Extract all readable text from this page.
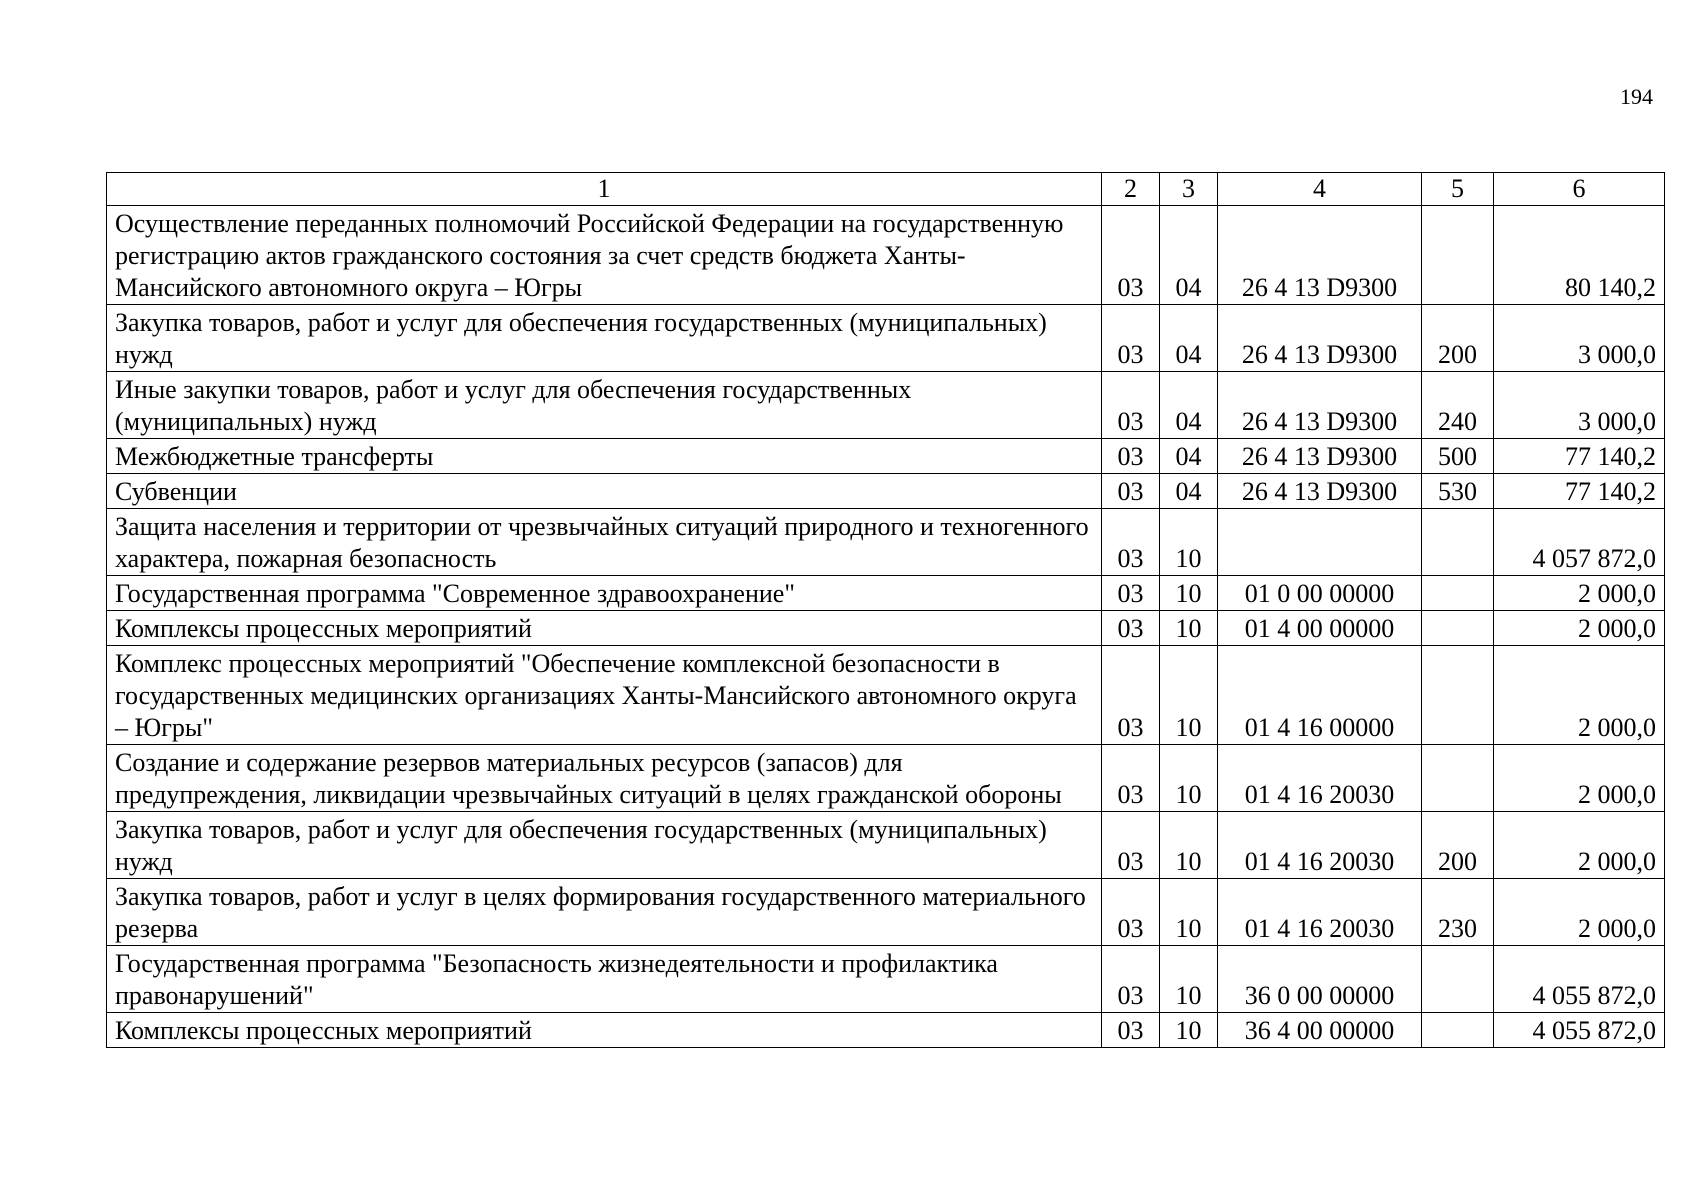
194
1	2	3	4	5	6
Осуществление переданных полномочий Российской Федерации на государственную регистрацию актов гражданского состояния за счет средств бюджета Ханты-Мансийского автономного округа – Югры	03	04	26 4 13 D9300		80 140,2
Закупка товаров, работ и услуг для обеспечения государственных (муниципальных) нужд	03	04	26 4 13 D9300	200	3 000,0
Иные закупки товаров, работ и услуг для обеспечения государственных (муниципальных) нужд	03	04	26 4 13 D9300	240	3 000,0
Межбюджетные трансферты	03	04	26 4 13 D9300	500	77 140,2
Субвенции	03	04	26 4 13 D9300	530	77 140,2
Защита населения и территории от чрезвычайных ситуаций природного и техногенного характера, пожарная безопасность	03	10			4 057 872,0
Государственная программа "Современное здравоохранение"	03	10	01 0 00 00000		2 000,0
Комплексы процессных мероприятий	03	10	01 4 00 00000		2 000,0
Комплекс процессных мероприятий "Обеспечение комплексной безопасности в государственных медицинских организациях Ханты-Мансийского автономного округа – Югры"	03	10	01 4 16 00000		2 000,0
Создание и содержание резервов материальных ресурсов (запасов) для предупреждения, ликвидации чрезвычайных ситуаций в целях гражданской обороны	03	10	01 4 16 20030		2 000,0
Закупка товаров, работ и услуг для обеспечения государственных (муниципальных) нужд	03	10	01 4 16 20030	200	2 000,0
Закупка товаров, работ и услуг в целях формирования государственного материального резерва	03	10	01 4 16 20030	230	2 000,0
Государственная программа "Безопасность жизнедеятельности и профилактика правонарушений"	03	10	36 0 00 00000		4 055 872,0
Комплексы процессных мероприятий	03	10	36 4 00 00000		4 055 872,0
